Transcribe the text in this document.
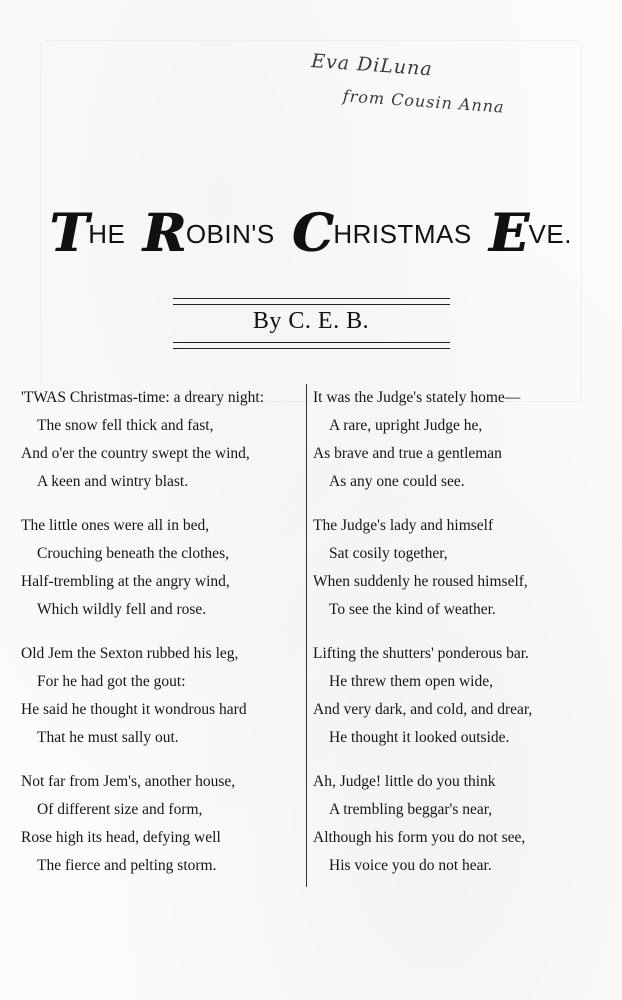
Eva DiLuna
from Cousin Anna
THE ROBIN'S CHRISTMAS EVE.
By C. E. B.
'TWAS Christmas-time: a dreary night:
The snow fell thick and fast,
And o'er the country swept the wind,
A keen and wintry blast.
The little ones were all in bed,
Crouching beneath the clothes,
Half-trembling at the angry wind,
Which wildly fell and rose.
Old Jem the Sexton rubbed his leg,
For he had got the gout:
He said he thought it wondrous hard
That he must sally out.
Not far from Jem's, another house,
Of different size and form,
Rose high its head, defying well
The fierce and pelting storm.
It was the Judge's stately home—
A rare, upright Judge he,
As brave and true a gentleman
As any one could see.
The Judge's lady and himself
Sat cosily together,
When suddenly he roused himself,
To see the kind of weather.
Lifting the shutters' ponderous bar.
He threw them open wide,
And very dark, and cold, and drear,
He thought it looked outside.
Ah, Judge! little do you think
A trembling beggar's near,
Although his form you do not see,
His voice you do not hear.
